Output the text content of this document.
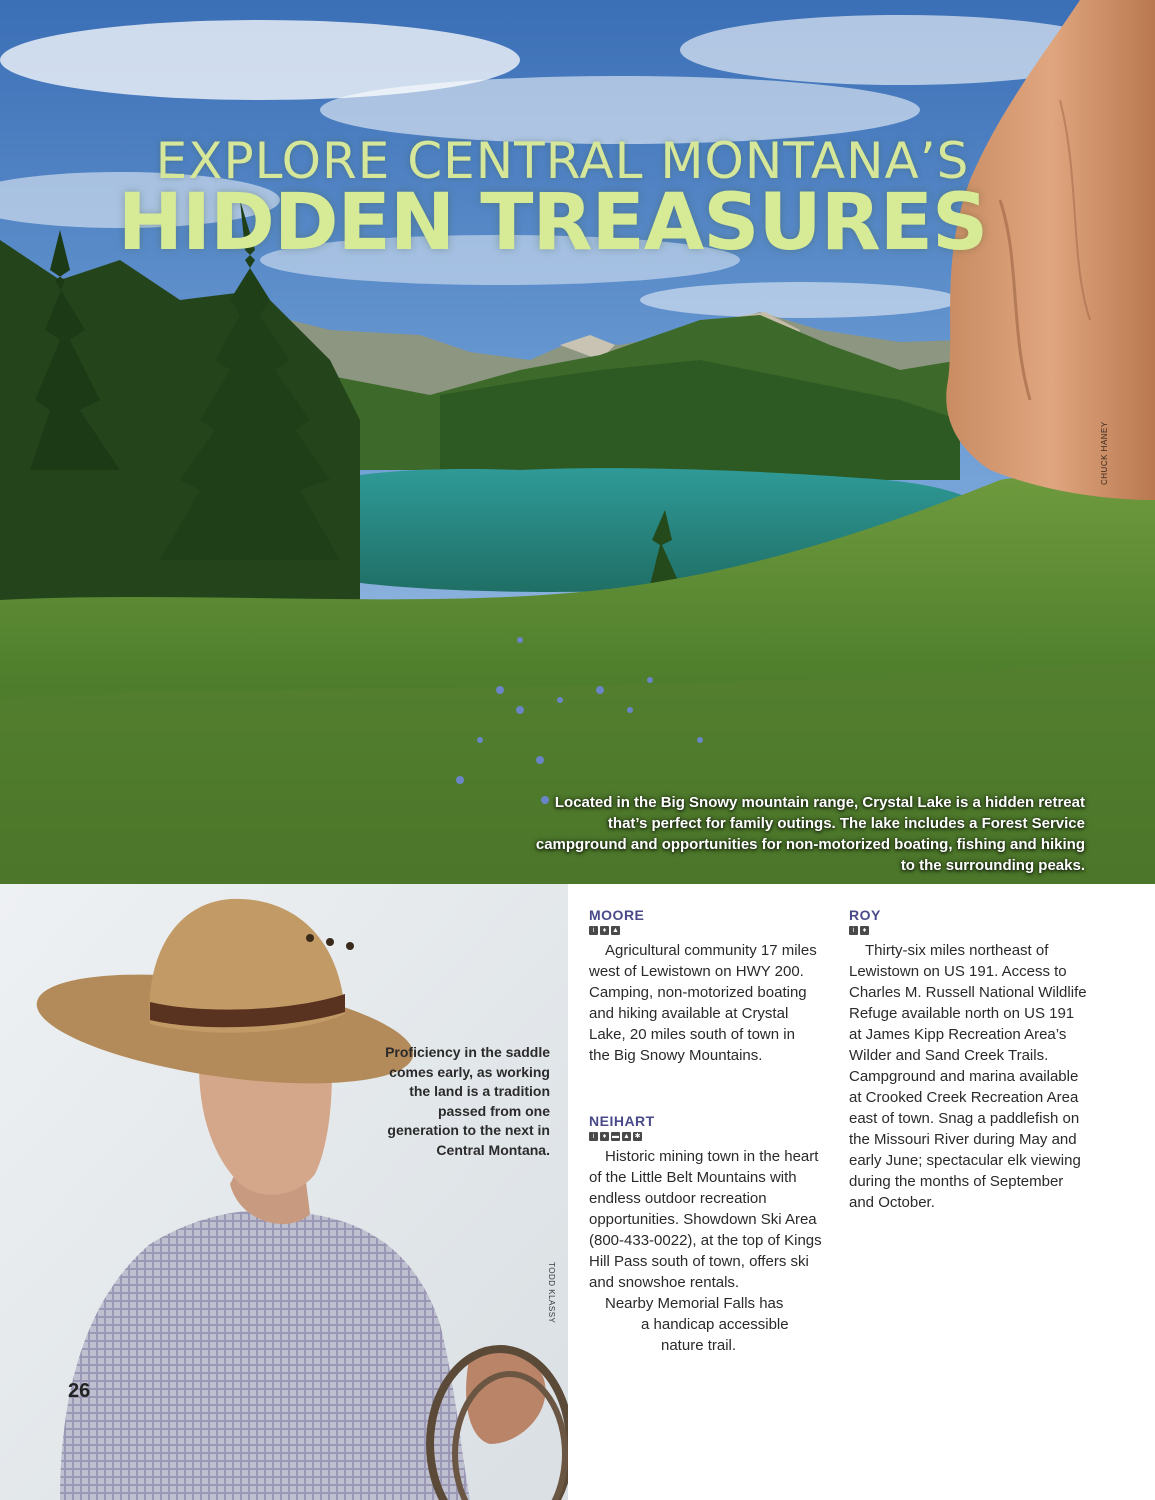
EXPLORE CENTRAL MONTANA’S
HIDDEN TREASURES
CHUCK HANEY
Located in the Big Snowy mountain range, Crystal Lake is a hidden retreat that’s perfect for family outings. The lake includes a Forest Service campground and opportunities for non-motorized boating, fishing and hiking to the surrounding peaks.
Proficiency in the saddle comes early, as working the land is a tradition passed from one generation to the next in Central Montana.
TODD KLASSY
26
MOORE
i	♦ ▲

Agricultural community 17 miles west of Lewistown on HWY 200. Camping, non-motorized boating and hiking available at Crystal Lake, 20 miles south of town in the Big Snowy Mountains.

NEIHART
i	♦ ▬ ▲ ✱

Historic mining town in the heart of the Little Belt Mountains with endless outdoor recreation opportunities. Showdown Ski Area (800-433-0022), at the top of Kings Hill Pass south of town, offers ski and snowshoe rentals.

Nearby Memorial Falls has

a handicap accessible

nature trail.

ROY
i	♦

Thirty-six miles northeast of Lewistown on US 191. Access to Charles M. Russell National Wildlife Refuge available north on US 191 at James Kipp Recreation Area’s Wilder and Sand Creek Trails. Campground and marina available at Crooked Creek Recreation Area east of town. Snag a paddlefish on the Missouri River during May and early June; spectacular elk viewing during the months of September and October.
